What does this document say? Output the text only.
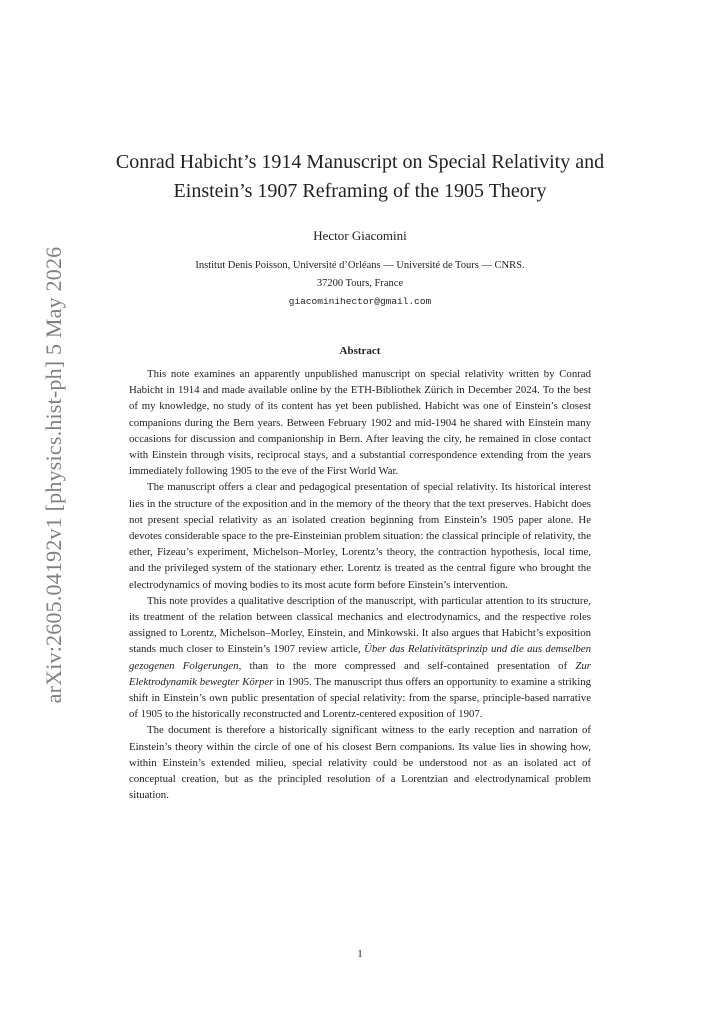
arXiv:2605.04192v1 [physics.hist-ph] 5 May 2026
Conrad Habicht’s 1914 Manuscript on Special Relativity and
Einstein’s 1907 Reframing of the 1905 Theory
Hector Giacomini
Institut Denis Poisson, Université d’Orléans — Université de Tours — CNRS.
37200 Tours, France
giacominihector@gmail.com
Abstract

This note examines an apparently unpublished manuscript on special relativity written by Conrad Habicht in 1914 and made available online by the ETH-Bibliothek Zürich in December 2024. To the best of my knowledge, no study of its content has yet been published. Habicht was one of Einstein’s closest companions during the Bern years. Between February 1902 and mid-1904 he shared with Einstein many occasions for discussion and companionship in Bern. After leaving the city, he remained in close contact with Einstein through visits, reciprocal stays, and a substantial correspondence extending from the years immediately following 1905 to the eve of the First World War.

The manuscript offers a clear and pedagogical presentation of special relativity. Its historical interest lies in the structure of the exposition and in the memory of the theory that the text preserves. Habicht does not present special relativity as an isolated creation beginning from Einstein’s 1905 paper alone. He devotes considerable space to the pre-Einsteinian problem situation: the classical principle of relativity, the ether, Fizeau’s experiment, Michelson–Morley, Lorentz’s theory, the contraction hypothesis, local time, and the privileged system of the stationary ether. Lorentz is treated as the central figure who brought the electrodynamics of moving bodies to its most acute form before Einstein’s intervention.

This note provides a qualitative description of the manuscript, with particular attention to its structure, its treatment of the relation between classical mechanics and electrodynamics, and the respective roles assigned to Lorentz, Michelson–Morley, Einstein, and Minkowski. It also argues that Habicht’s exposition stands much closer to Einstein’s 1907 review article, Über das Relativitätsprinzip und die aus demselben gezogenen Folgerungen, than to the more compressed and self-contained presentation of Zur Elektrodynamik bewegter Körper in 1905. The manuscript thus offers an opportunity to examine a striking shift in Einstein’s own public presentation of special relativity: from the sparse, principle-based narrative of 1905 to the historically reconstructed and Lorentz-centered exposition of 1907.

The document is therefore a historically significant witness to the early reception and narration of Einstein’s theory within the circle of one of his closest Bern companions. Its value lies in showing how, within Einstein’s extended milieu, special relativity could be understood not as an isolated act of conceptual creation, but as the principled resolution of a Lorentzian and electrodynamical problem situation.

1
